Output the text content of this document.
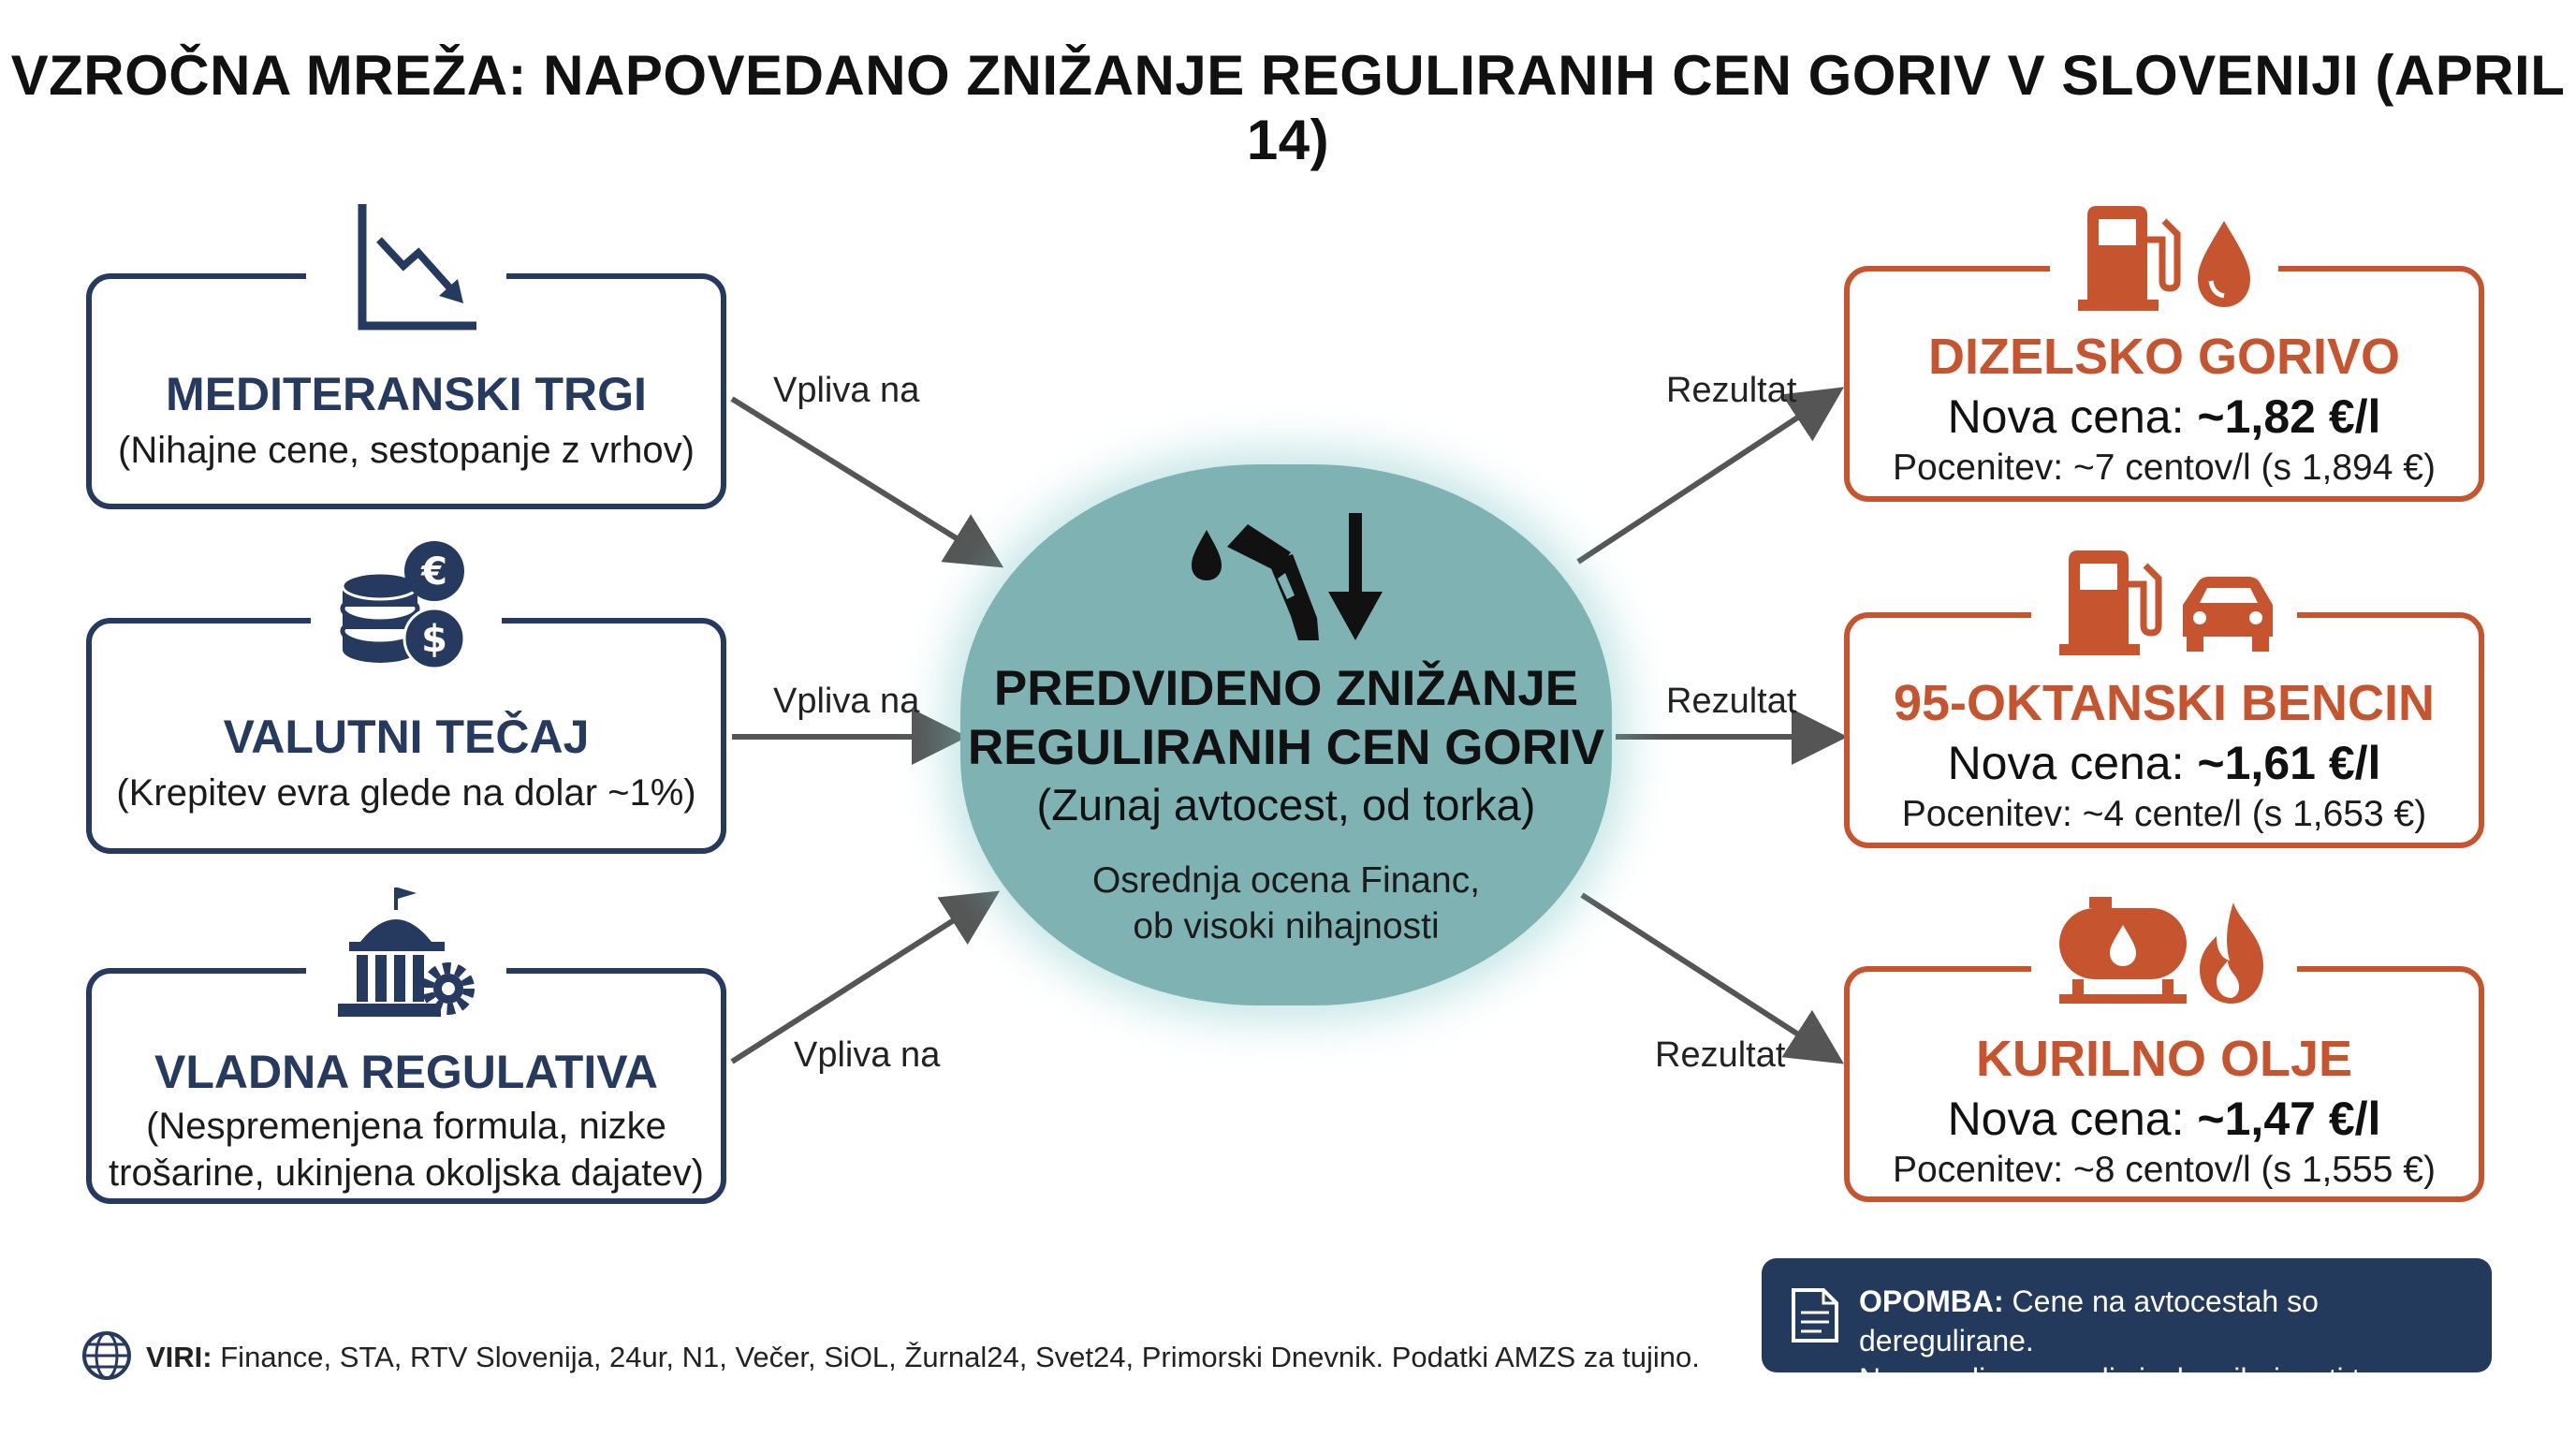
VZROČNA MREŽA: NAPOVEDANO ZNIŽANJE REGULIRANIH CEN GORIV V SLOVENIJI (APRIL 14)
Vpliva na
Vpliva na
Vpliva na
Rezultat
Rezultat
Rezultat
MEDITERANSKI TRGI
(Nihajne cene, sestopanje z vrhov)
€
$
VALUTNI TEČAJ
(Krepitev evra glede na dolar ~1%)
VLADNA REGULATIVA
(Nespremenjena formula, nizke
trošarine, ukinjena okoljska dajatev)
PREDVIDENO ZNIŽANJE
REGULIRANIH CEN GORIV
(Zunaj avtocest, od torka)
Osrednja ocena Financ,
ob visoki nihajnosti
DIZELSKO GORIVO
Nova cena: ~1,82 €/l
Pocenitev: ~7 centov/l (s 1,894 €)
95-OKTANSKI BENCIN
Nova cena: ~1,61 €/l
Pocenitev: ~4 cente/l (s 1,653 €)
KURILNO OLJE
Nova cena: ~1,47 €/l
Pocenitev: ~8 centov/l (s 1,555 €)
VIRI: Finance, STA, RTV Slovenija, 24ur, N1, Večer, SiOL, Žurnal24, Svet24, Primorski Dnevnik. Podatki AMZS za tujino.
OPOMBA: Cene na avtocestah so deregulirane.
Napovedi so zaradi visoke nihajnosti trga otežene.
